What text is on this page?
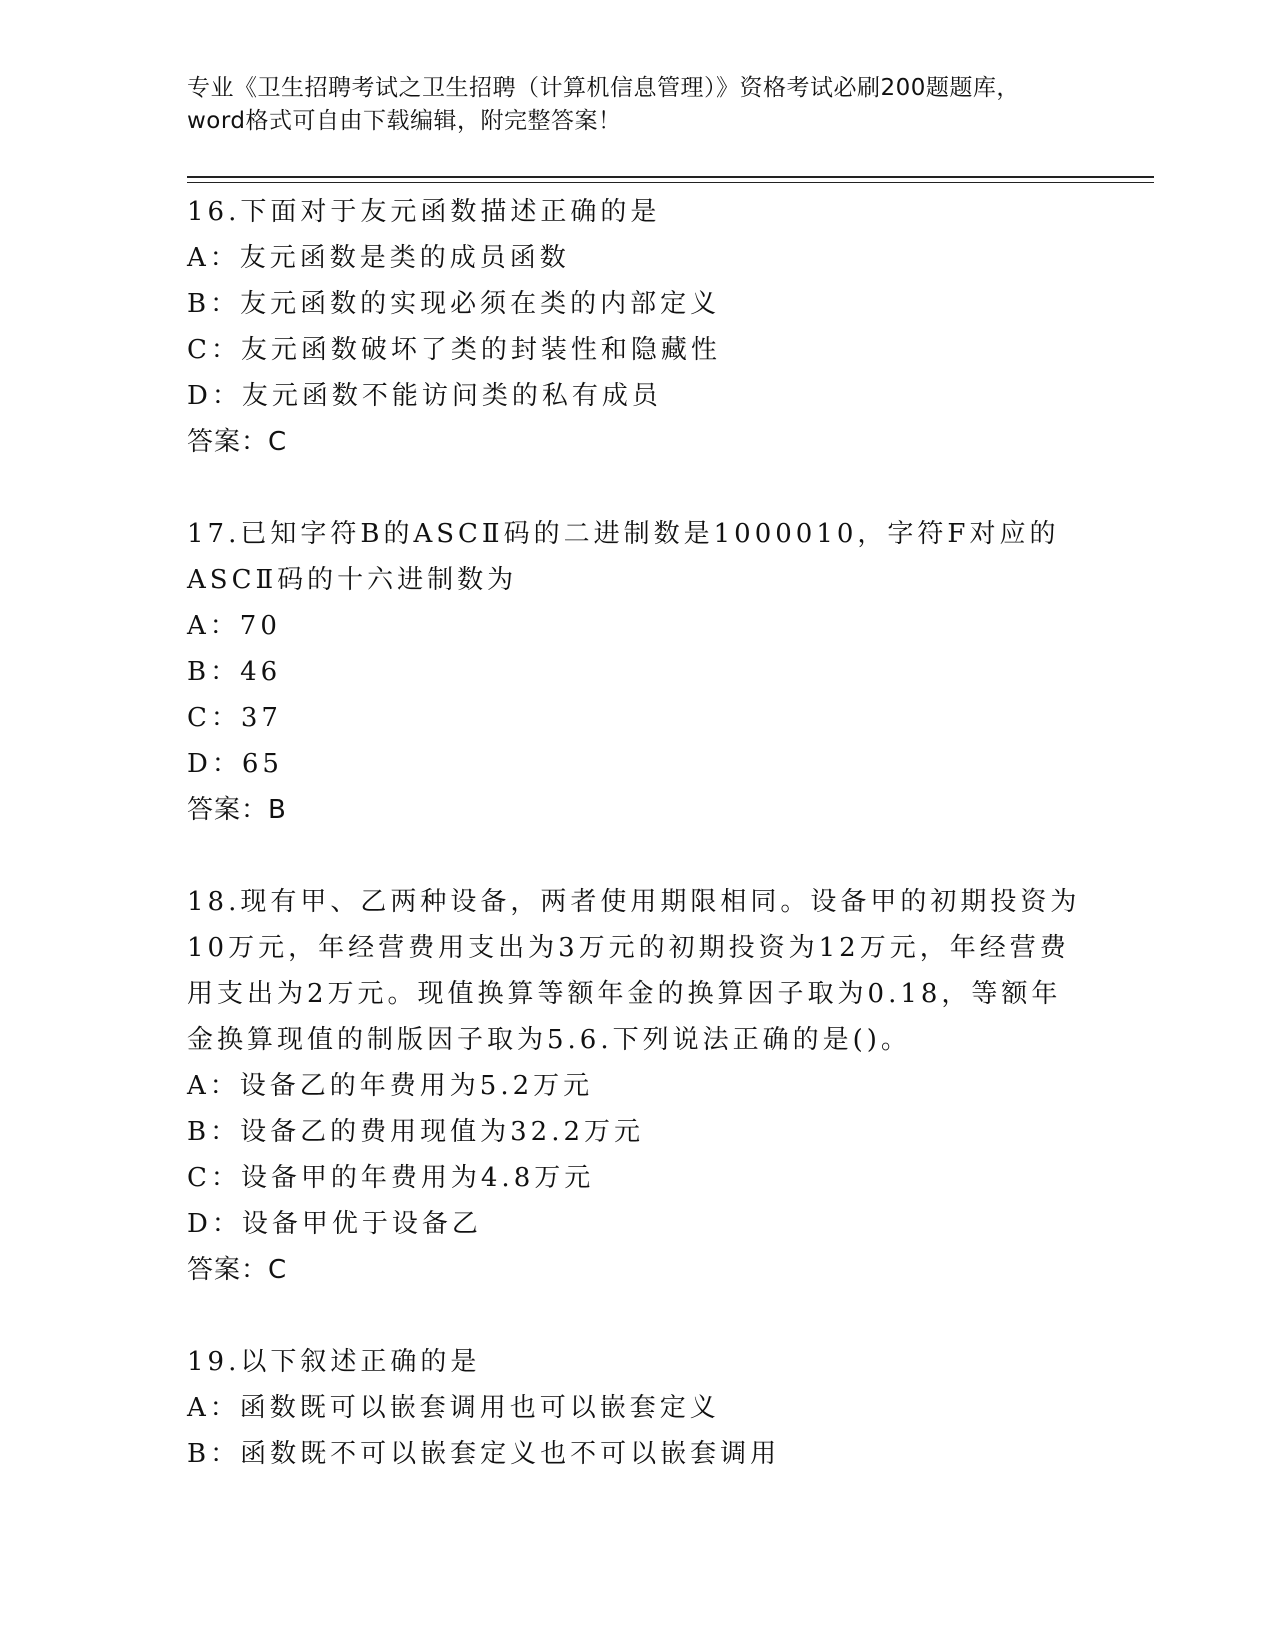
专业《卫生招聘考试之卫生招聘（计算机信息管理）》资格考试必刷200题题库，
word格式可自由下载编辑，附完整答案！
16.下面对于友元函数描述正确的是
A：友元函数是类的成员函数
B：友元函数的实现必须在类的内部定义
C：友元函数破坏了类的封装性和隐藏性
D：友元函数不能访问类的私有成员
答案：C
17.已知字符B的ASCⅡ码的二进制数是1000010，字符F对应的ASCⅡ码的十六进制数为
A：70
B：46
C：37
D：65
答案：B
18.现有甲、乙两种设备，两者使用期限相同。设备甲的初期投资为10万元，年经营费用支出为3万元的初期投资为12万元，年经营费用支出为2万元。现值换算等额年金的换算因子取为0.18，等额年金换算现值的制版因子取为5.6.下列说法正确的是()。
A：设备乙的年费用为5.2万元
B：设备乙的费用现值为32.2万元
C：设备甲的年费用为4.8万元
D：设备甲优于设备乙
答案：C
19.以下叙述正确的是
A：函数既可以嵌套调用也可以嵌套定义
B：函数既不可以嵌套定义也不可以嵌套调用
